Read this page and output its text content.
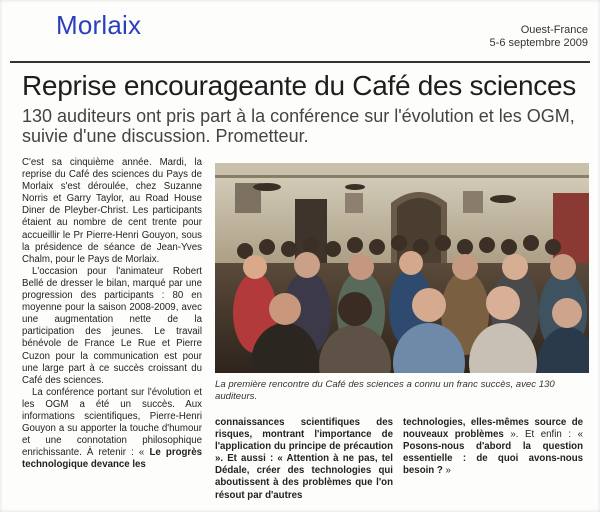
Morlaix	Ouest-France
5-6 septembre 2009
Reprise encourageante du Café des sciences
130 auditeurs ont pris part à la conférence sur l'évolution et les OGM, suivie d'une discussion. Prometteur.

C'est sa cinquième année. Mardi, la reprise du Café des sciences du Pays de Morlaix s'est déroulée, chez Suzanne Norris et Garry Taylor, au Road House Diner de Pleyber-Christ. Les participants étaient au nombre de cent trente pour accueillir le Pr Pierre-Henri Gouyon, sous la présidence de séance de Jean-Yves Chalm, pour le Pays de Morlaix.

L'occasion pour l'animateur Robert Bellé de dresser le bilan, marqué par une progression des participants : 80 en moyenne pour la saison 2008-2009, avec une augmentation nette de la participation des jeunes. Le travail bénévole de France Le Rue et Pierre Cuzon pour la communication est pour une large part à ce succès croissant du Café des sciences.

La conférence portant sur l'évolution et les OGM a été un succès. Aux informations scientifiques, Pierre-Henri Gouyon a su apporter la touche d'humour et une connotation philosophique enrichissante. À retenir : « Le progrès technologique devance les

La première rencontre du Café des sciences a connu un franc succès, avec 130 auditeurs.

connaissances scientifiques des risques, montrant l'importance de l'application du principe de précaution ». Et aussi : « Attention à ne pas, tel Dédale, créer des technologies qui aboutissent à des problèmes que l'on résout par d'autres

technologies, elles-mêmes source de nouveaux problèmes ». Et enfin : « Posons-nous d'abord la question essentielle : de quoi avons-nous besoin ? »
